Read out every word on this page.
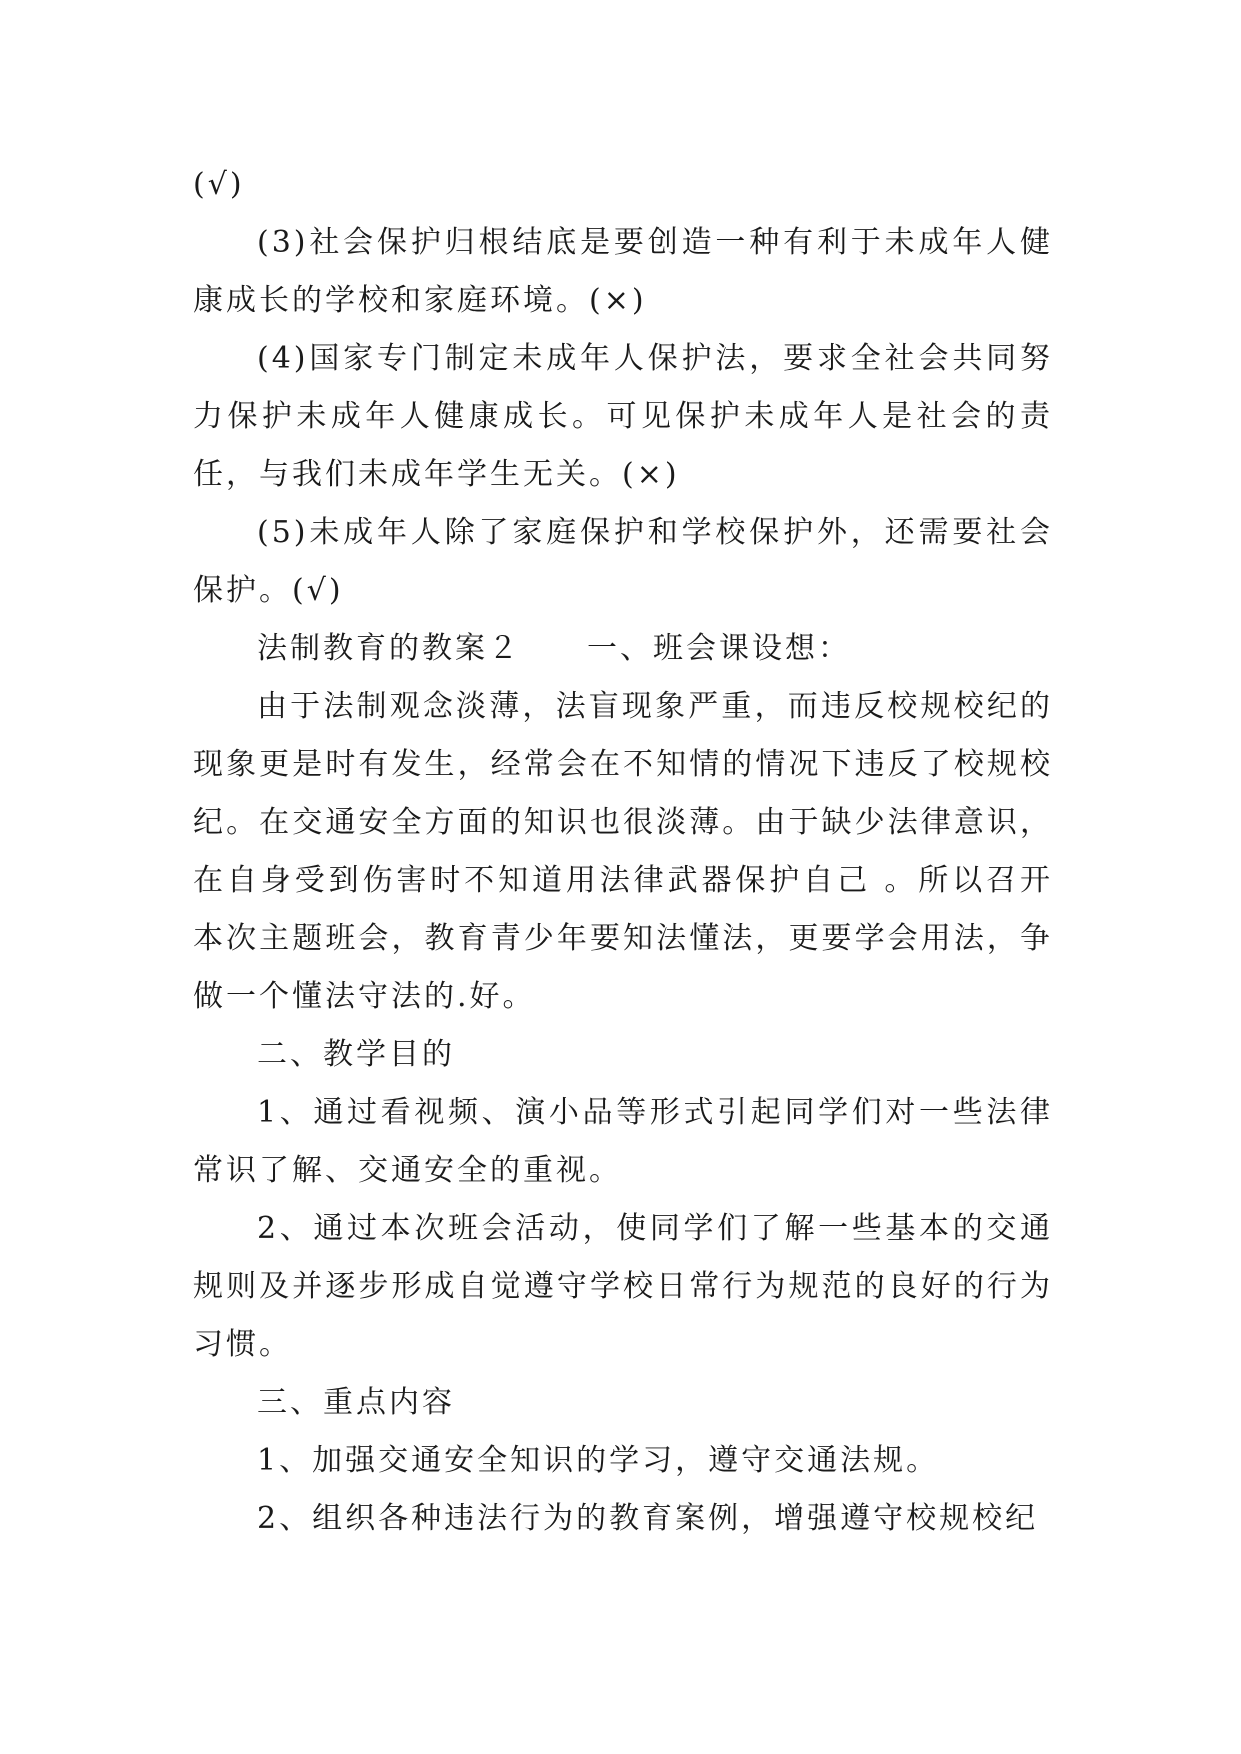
(√)

(3)社会保护归根结底是要创造一种有利于未成年人健康成长的学校和家庭环境。(×)

(4)国家专门制定未成年人保护法，要求全社会共同努力保护未成年人健康成长。可见保护未成年人是社会的责任，与我们未成年学生无关。(×)

(5)未成年人除了家庭保护和学校保护外，还需要社会保护。(√)

法制教育的教案２　　一、班会课设想：

由于法制观念淡薄，法盲现象严重，而违反校规校纪的现象更是时有发生，经常会在不知情的情况下违反了校规校纪。在交通安全方面的知识也很淡薄。由于缺少法律意识，在自身受到伤害时不知道用法律武器保护自己 。所以召开本次主题班会，教育青少年要知法懂法，更要学会用法，争做一个懂法守法的.好。

二、教学目的

1、通过看视频、演小品等形式引起同学们对一些法律常识了解、交通安全的重视。

2、通过本次班会活动，使同学们了解一些基本的交通规则及并逐步形成自觉遵守学校日常行为规范的良好的行为习惯。

三、重点内容

1、加强交通安全知识的学习，遵守交通法规。

2、组织各种违法行为的教育案例，增强遵守校规校纪
